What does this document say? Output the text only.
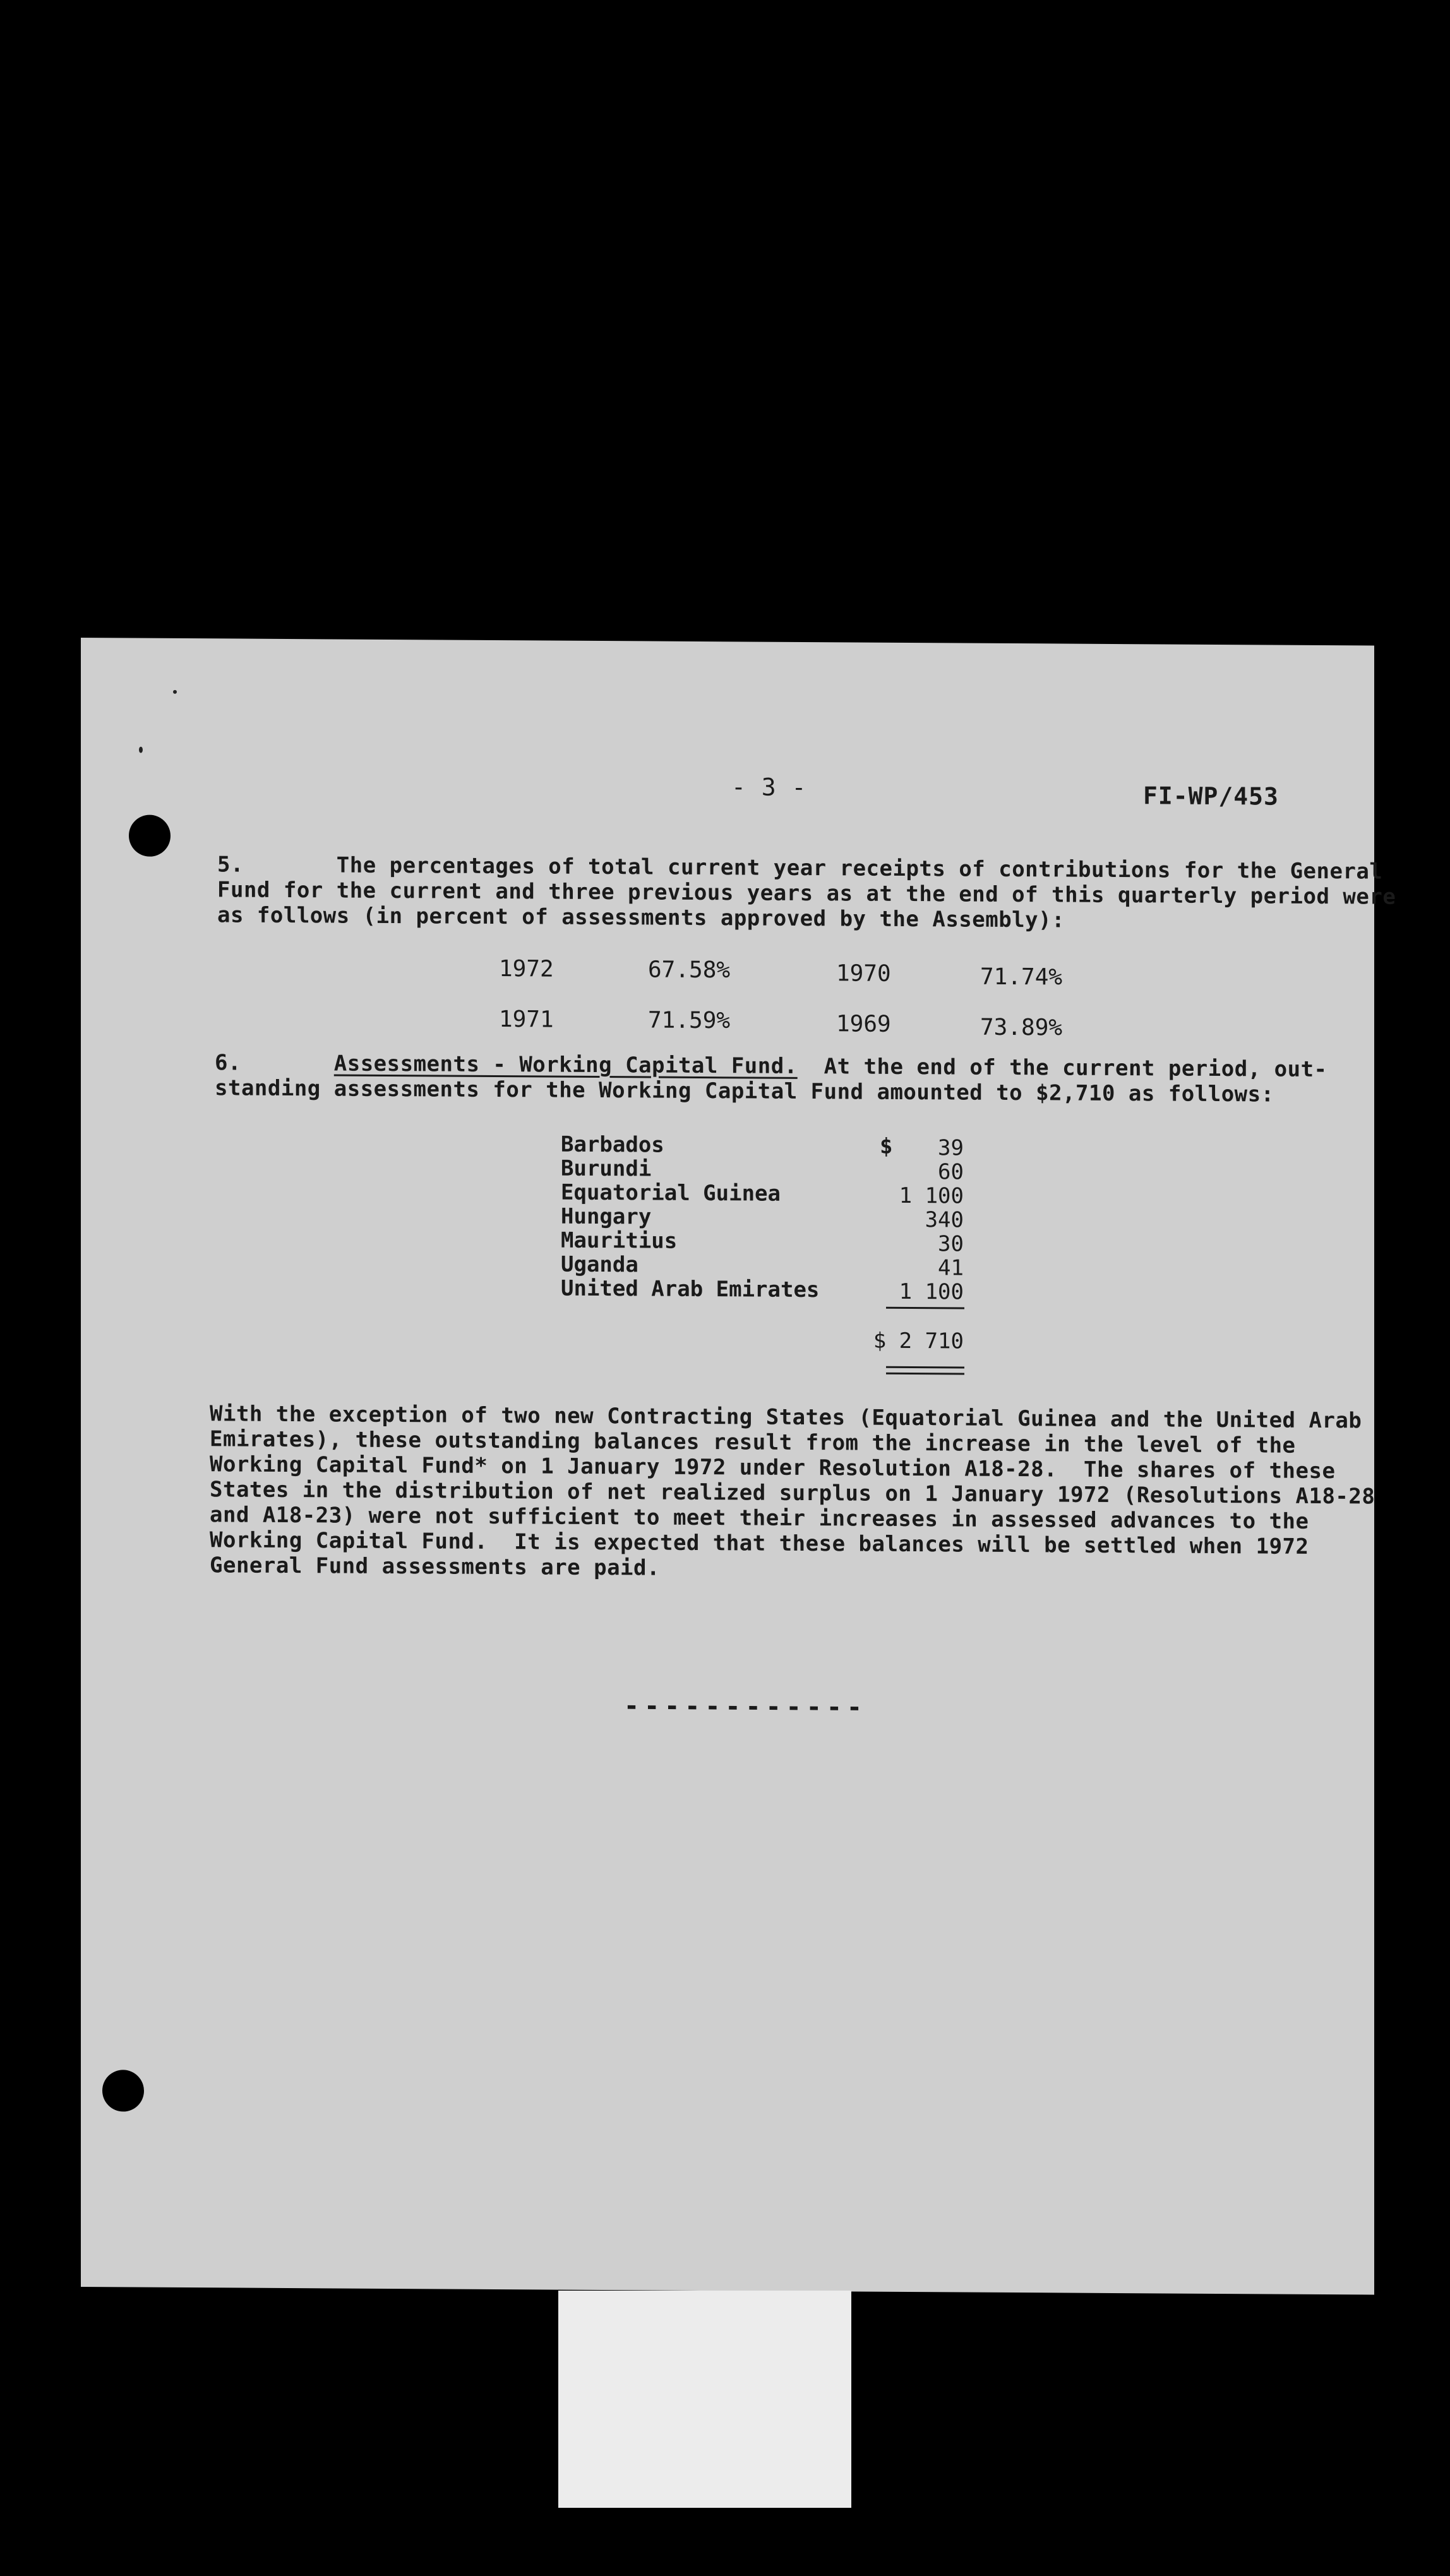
- 3 -	FI-WP/453
5.	The percentages of total current year receipts of contributions for the General
Fund for the current and three previous years as at the end of this quarterly period were
as follows (in percent of assessments approved by the Assembly):
1972	67.58%	1970	71.74%
1971	71.59%	1969	73.89%
6.	Assessments - Working Capital Fund. At the end of the current period, out-
standing assessments for the Working Capital Fund amounted to $2,710 as follows:
Barbados	$	39
Burundi	60
Equatorial Guinea	1 100
Hungary	340
Mauritius	30
Uganda	41
United Arab Emirates	1 100
$ 2 710
With the exception of two new Contracting States (Equatorial Guinea and the United Arab
Emirates), these outstanding balances result from the increase in the level of the
Working Capital Fund* on 1 January 1972 under Resolution A18-28.  The shares of these
States in the distribution of net realized surplus on 1 January 1972 (Resolutions A18-28
and A18-23) were not sufficient to meet their increases in assessed advances to the
Working Capital Fund.  It is expected that these balances will be settled when 1972
General Fund assessments are paid.
------------
